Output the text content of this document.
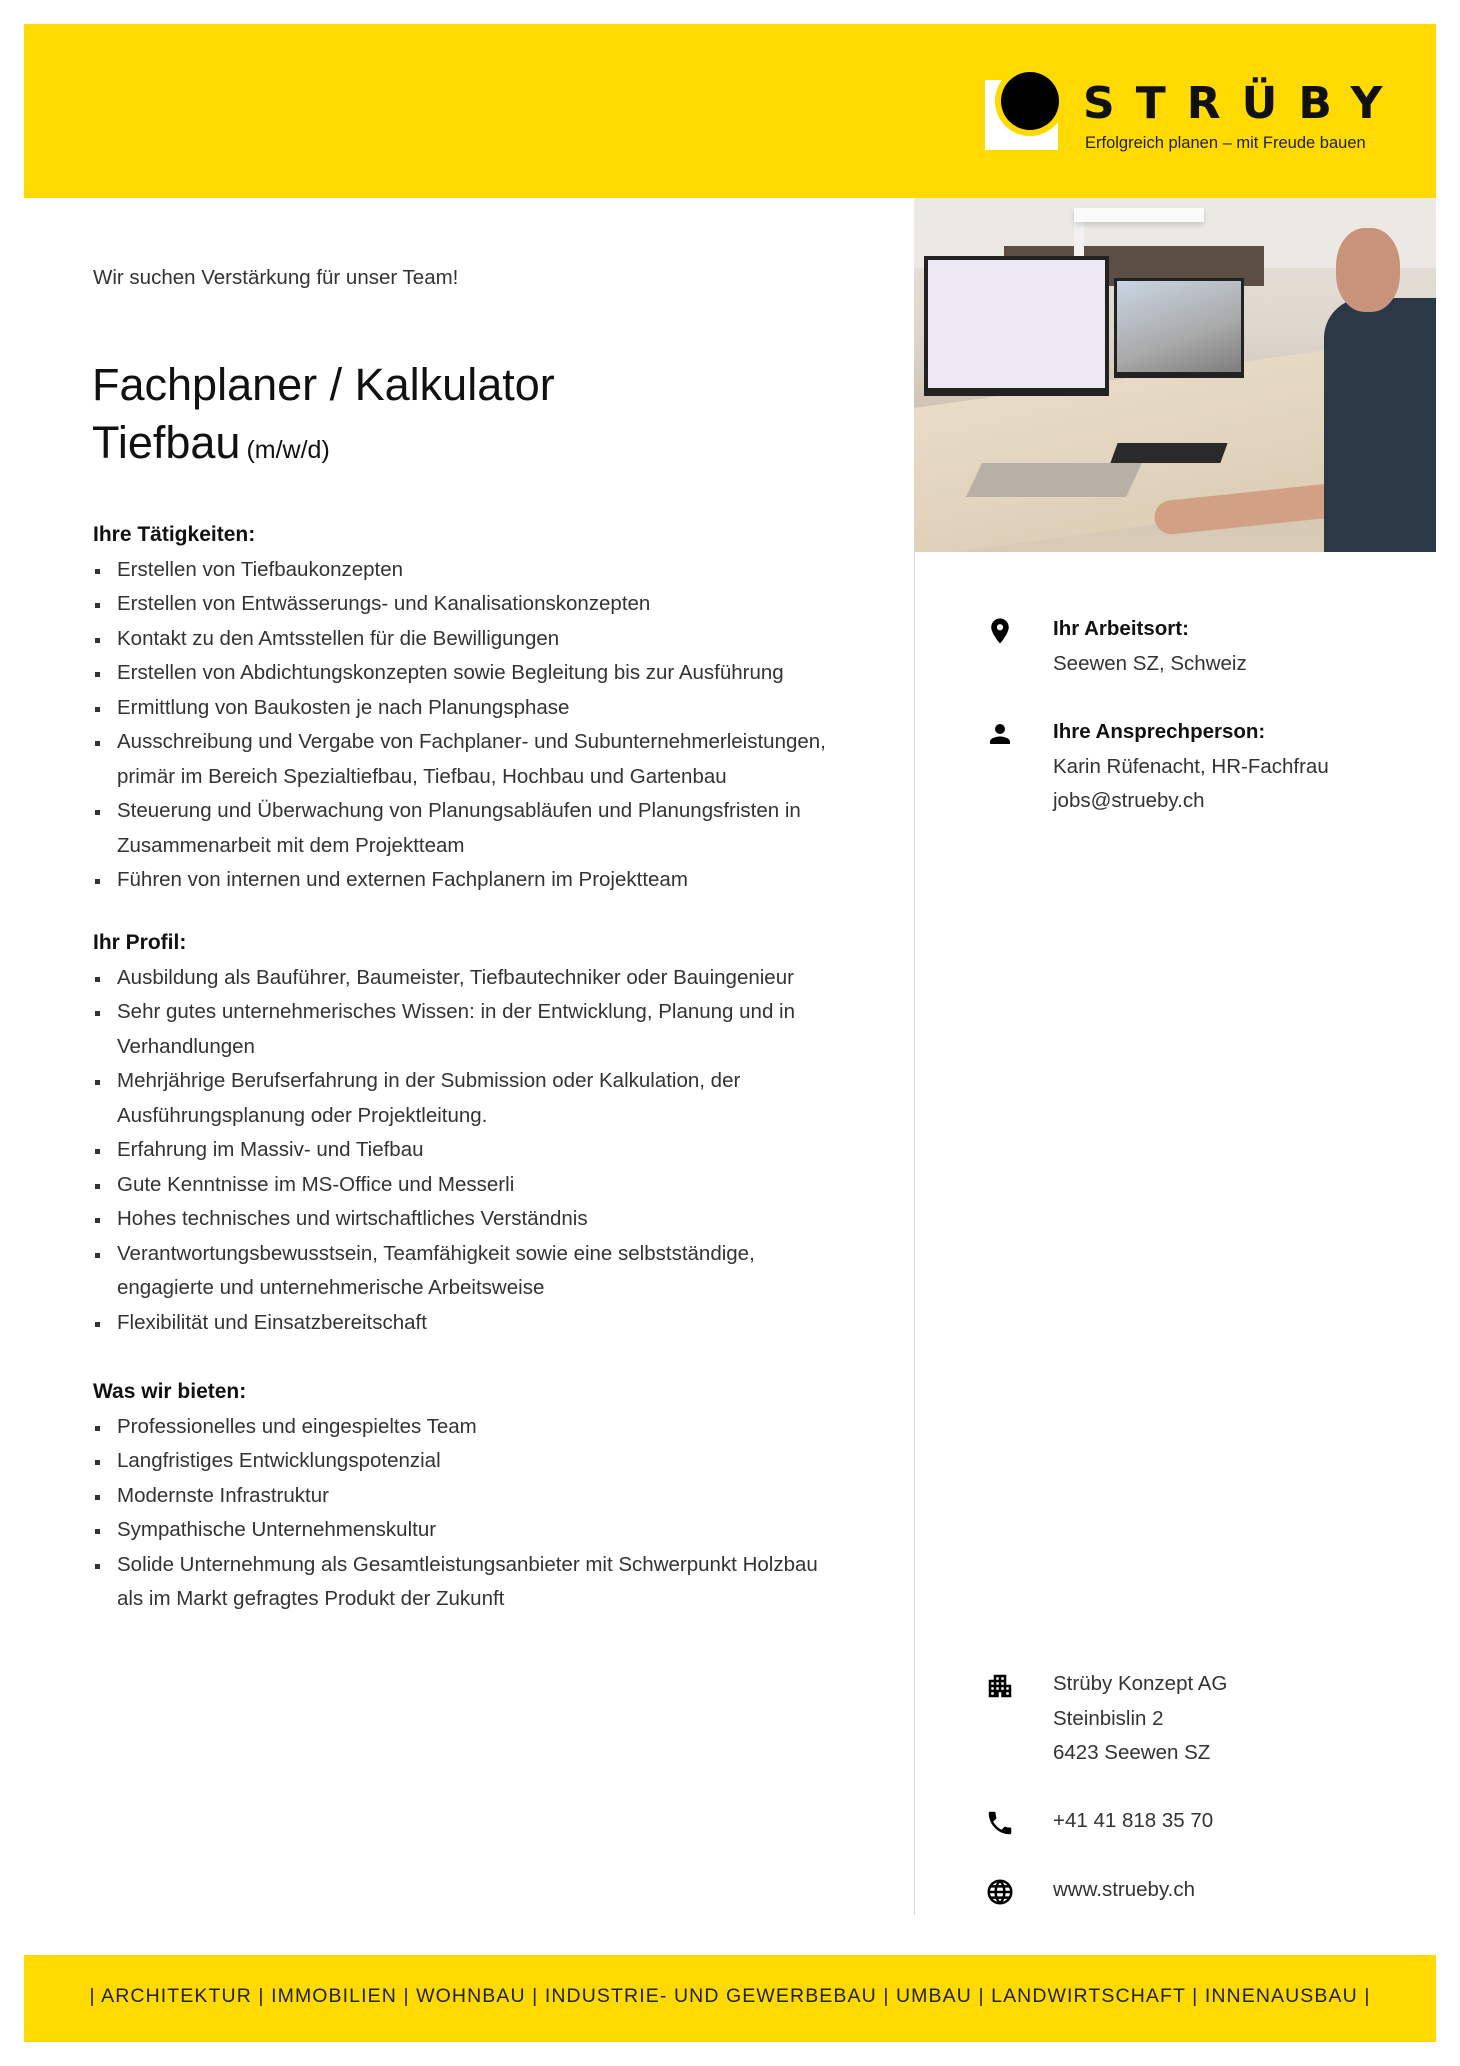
STRÜBY
Erfolgreich planen – mit Freude bauen
Wir suchen Verstärkung für unser Team!
Fachplaner / Kalkulator
Tiefbau (m/w/d)
Ihre Tätigkeiten:
Erstellen von Tiefbaukonzepten
Erstellen von Entwässerungs- und Kanalisationskonzepten
Kontakt zu den Amtsstellen für die Bewilligungen
Erstellen von Abdichtungskonzepten sowie Begleitung bis zur Ausführung
Ermittlung von Baukosten je nach Planungsphase
Ausschreibung und Vergabe von Fachplaner- und Subunternehmerleistungen,
primär im Bereich Spezialtiefbau, Tiefbau, Hochbau und Gartenbau
Steuerung und Überwachung von Planungsabläufen und Planungsfristen in
Zusammenarbeit mit dem Projektteam
Führen von internen und externen Fachplanern im Projektteam
Ihr Profil:
Ausbildung als Bauführer, Baumeister, Tiefbautechniker oder Bauingenieur
Sehr gutes unternehmerisches Wissen: in der Entwicklung, Planung und in
Verhandlungen
Mehrjährige Berufserfahrung in der Submission oder Kalkulation, der
Ausführungsplanung oder Projektleitung.
Erfahrung im Massiv- und Tiefbau
Gute Kenntnisse im MS-Office und Messerli
Hohes technisches und wirtschaftliches Verständnis
Verantwortungsbewusstsein, Teamfähigkeit sowie eine selbstständige,
engagierte und unternehmerische Arbeitsweise
Flexibilität und Einsatzbereitschaft
Was wir bieten:
Professionelles und eingespieltes Team
Langfristiges Entwicklungspotenzial
Modernste Infrastruktur
Sympathische Unternehmenskultur
Solide Unternehmung als Gesamtleistungsanbieter mit Schwerpunkt Holzbau
als im Markt gefragtes Produkt der Zukunft
Ihr Arbeitsort:
Seewen SZ, Schweiz
Ihre Ansprechperson:
Karin Rüfenacht, HR-Fachfrau
jobs@strueby.ch
Strüby Konzept AG
Steinbislin 2
6423 Seewen SZ
+41 41 818 35 70
www.strueby.ch
| ARCHITEKTUR | IMMOBILIEN | WOHNBAU | INDUSTRIE- UND GEWERBEBAU | UMBAU | LANDWIRTSCHAFT | INNENAUSBAU |
